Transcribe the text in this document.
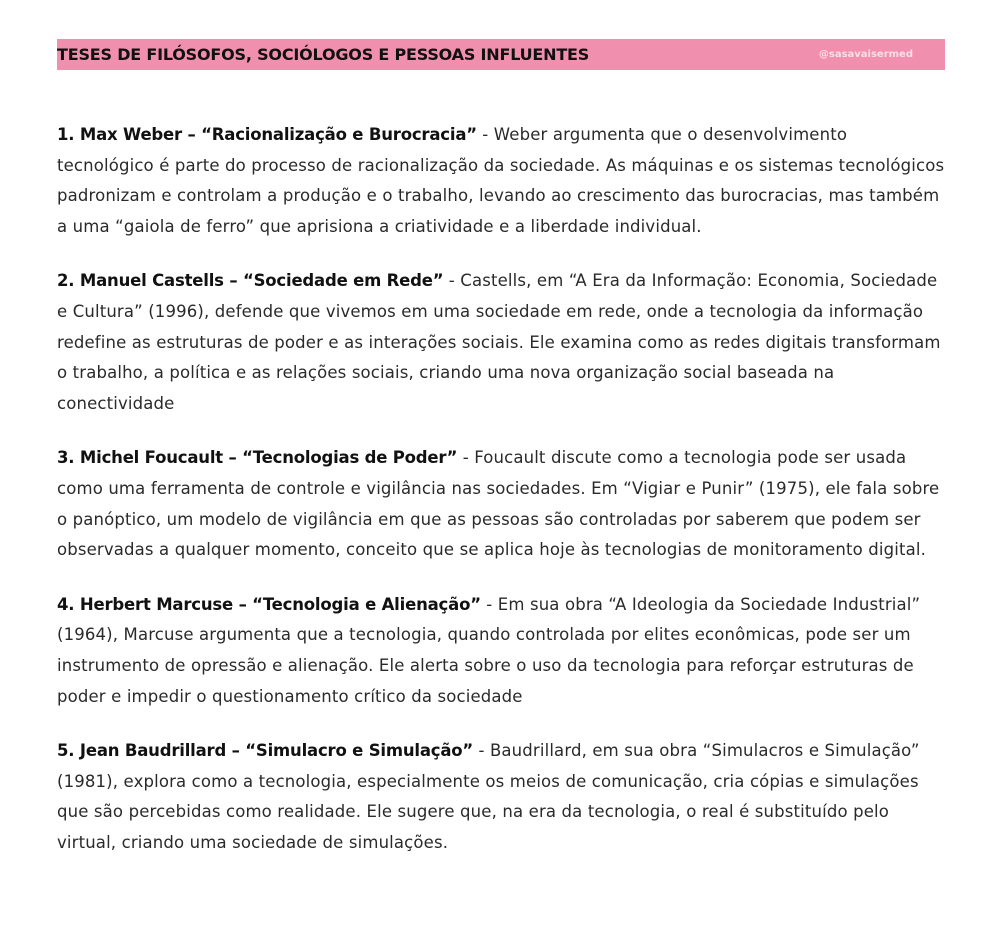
TESES DE FILÓSOFOS, SOCIÓLOGOS E PESSOAS INFLUENTES	@sasavaisermed

1. Max Weber – “Racionalização e Burocracia” - Weber argumenta que o desenvolvimento tecnológico é parte do processo de racionalização da sociedade. As máquinas e os sistemas tecnológicos padronizam e controlam a produção e o trabalho, levando ao crescimento das burocracias, mas também a uma “gaiola de ferro” que aprisiona a criatividade e a liberdade individual.

2. Manuel Castells – “Sociedade em Rede” - Castells, em “A Era da Informação: Economia, Sociedade e Cultura” (1996), defende que vivemos em uma sociedade em rede, onde a tecnologia da informação redefine as estruturas de poder e as interações sociais. Ele examina como as redes digitais transformam o trabalho, a política e as relações sociais, criando uma nova organização social baseada na conectividade

3. Michel Foucault – “Tecnologias de Poder” - Foucault discute como a tecnologia pode ser usada como uma ferramenta de controle e vigilância nas sociedades. Em “Vigiar e Punir” (1975), ele fala sobre o panóptico, um modelo de vigilância em que as pessoas são controladas por saberem que podem ser observadas a qualquer momento, conceito que se aplica hoje às tecnologias de monitoramento digital.

4. Herbert Marcuse – “Tecnologia e Alienação” - Em sua obra “A Ideologia da Sociedade Industrial” (1964), Marcuse argumenta que a tecnologia, quando controlada por elites econômicas, pode ser um instrumento de opressão e alienação. Ele alerta sobre o uso da tecnologia para reforçar estruturas de poder e impedir o questionamento crítico da sociedade

5. Jean Baudrillard – “Simulacro e Simulação” - Baudrillard, em sua obra “Simulacros e Simulação” (1981), explora como a tecnologia, especialmente os meios de comunicação, cria cópias e simulações que são percebidas como realidade. Ele sugere que, na era da tecnologia, o real é substituído pelo virtual, criando uma sociedade de simulações.
